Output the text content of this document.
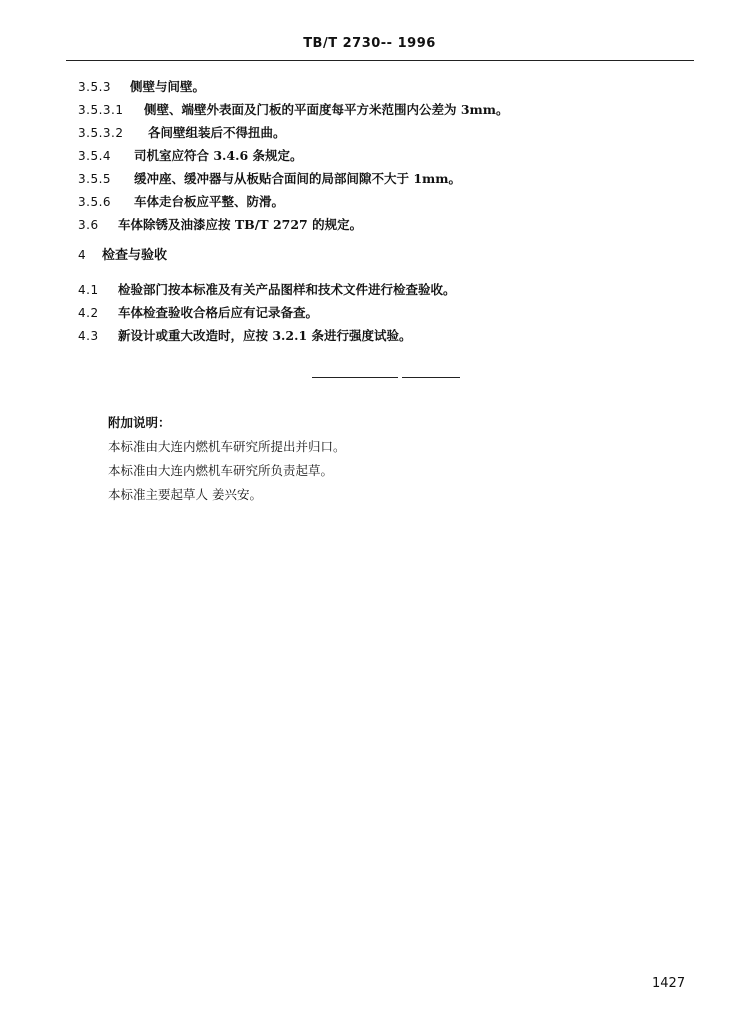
TB/T 2730-- 1996
3.5.3 侧壁与间壁。
3.5.3.1 侧壁、端壁外表面及门板的平面度每平方米范围内公差为 3mm。
3.5.3.2 各间壁组装后不得扭曲。
3.5.4 司机室应符合 3.4.6 条规定。
3.5.5 缓冲座、缓冲器与从板贴合面间的局部间隙不大于 1mm。
3.5.6 车体走台板应平整、防滑。
3.6 车体除锈及油漆应按 TB/T 2727 的规定。
4 检查与验收
4.1 检验部门按本标准及有关产品图样和技术文件进行检查验收。
4.2 车体检查验收合格后应有记录备查。
4.3 新设计或重大改造时，应按 3.2.1 条进行强度试验。
附加说明：
本标准由大连内燃机车研究所提出并归口。
本标准由大连内燃机车研究所负责起草。
本标准主要起草人 姜兴安。
1427
